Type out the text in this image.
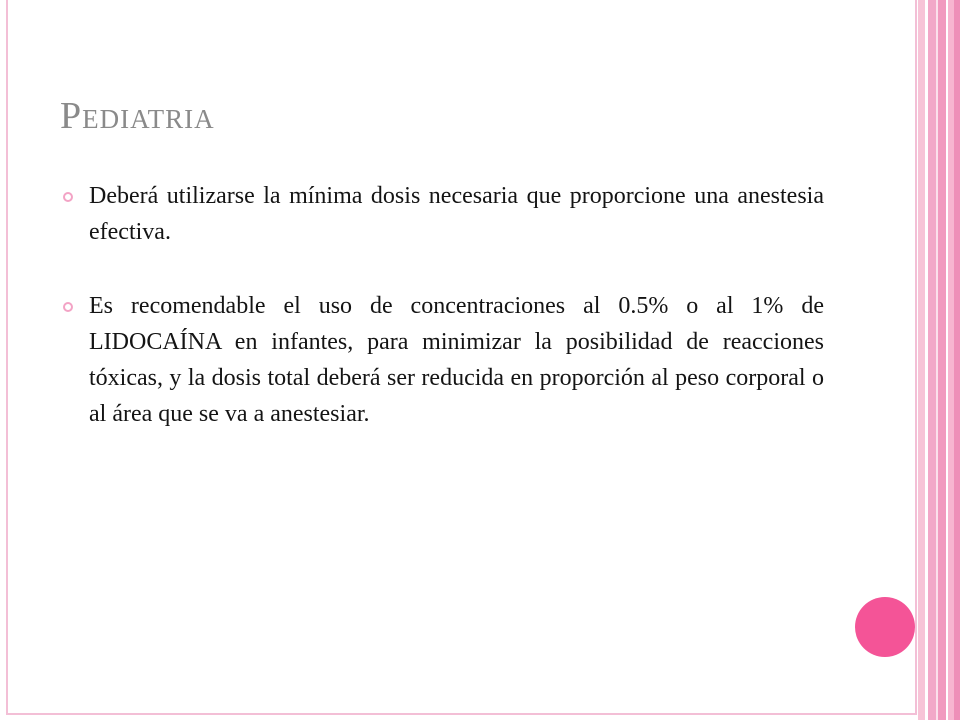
Pediatria
Deberá utilizarse la mínima dosis necesaria que proporcione una anestesia efectiva.
Es recomendable el uso de concentraciones al 0.5% o al 1% de LIDOCAÍNA en infantes, para minimizar la posibilidad de reacciones tóxicas, y la dosis total deberá ser reducida en proporción al peso corporal o al área que se va a anestesiar.
